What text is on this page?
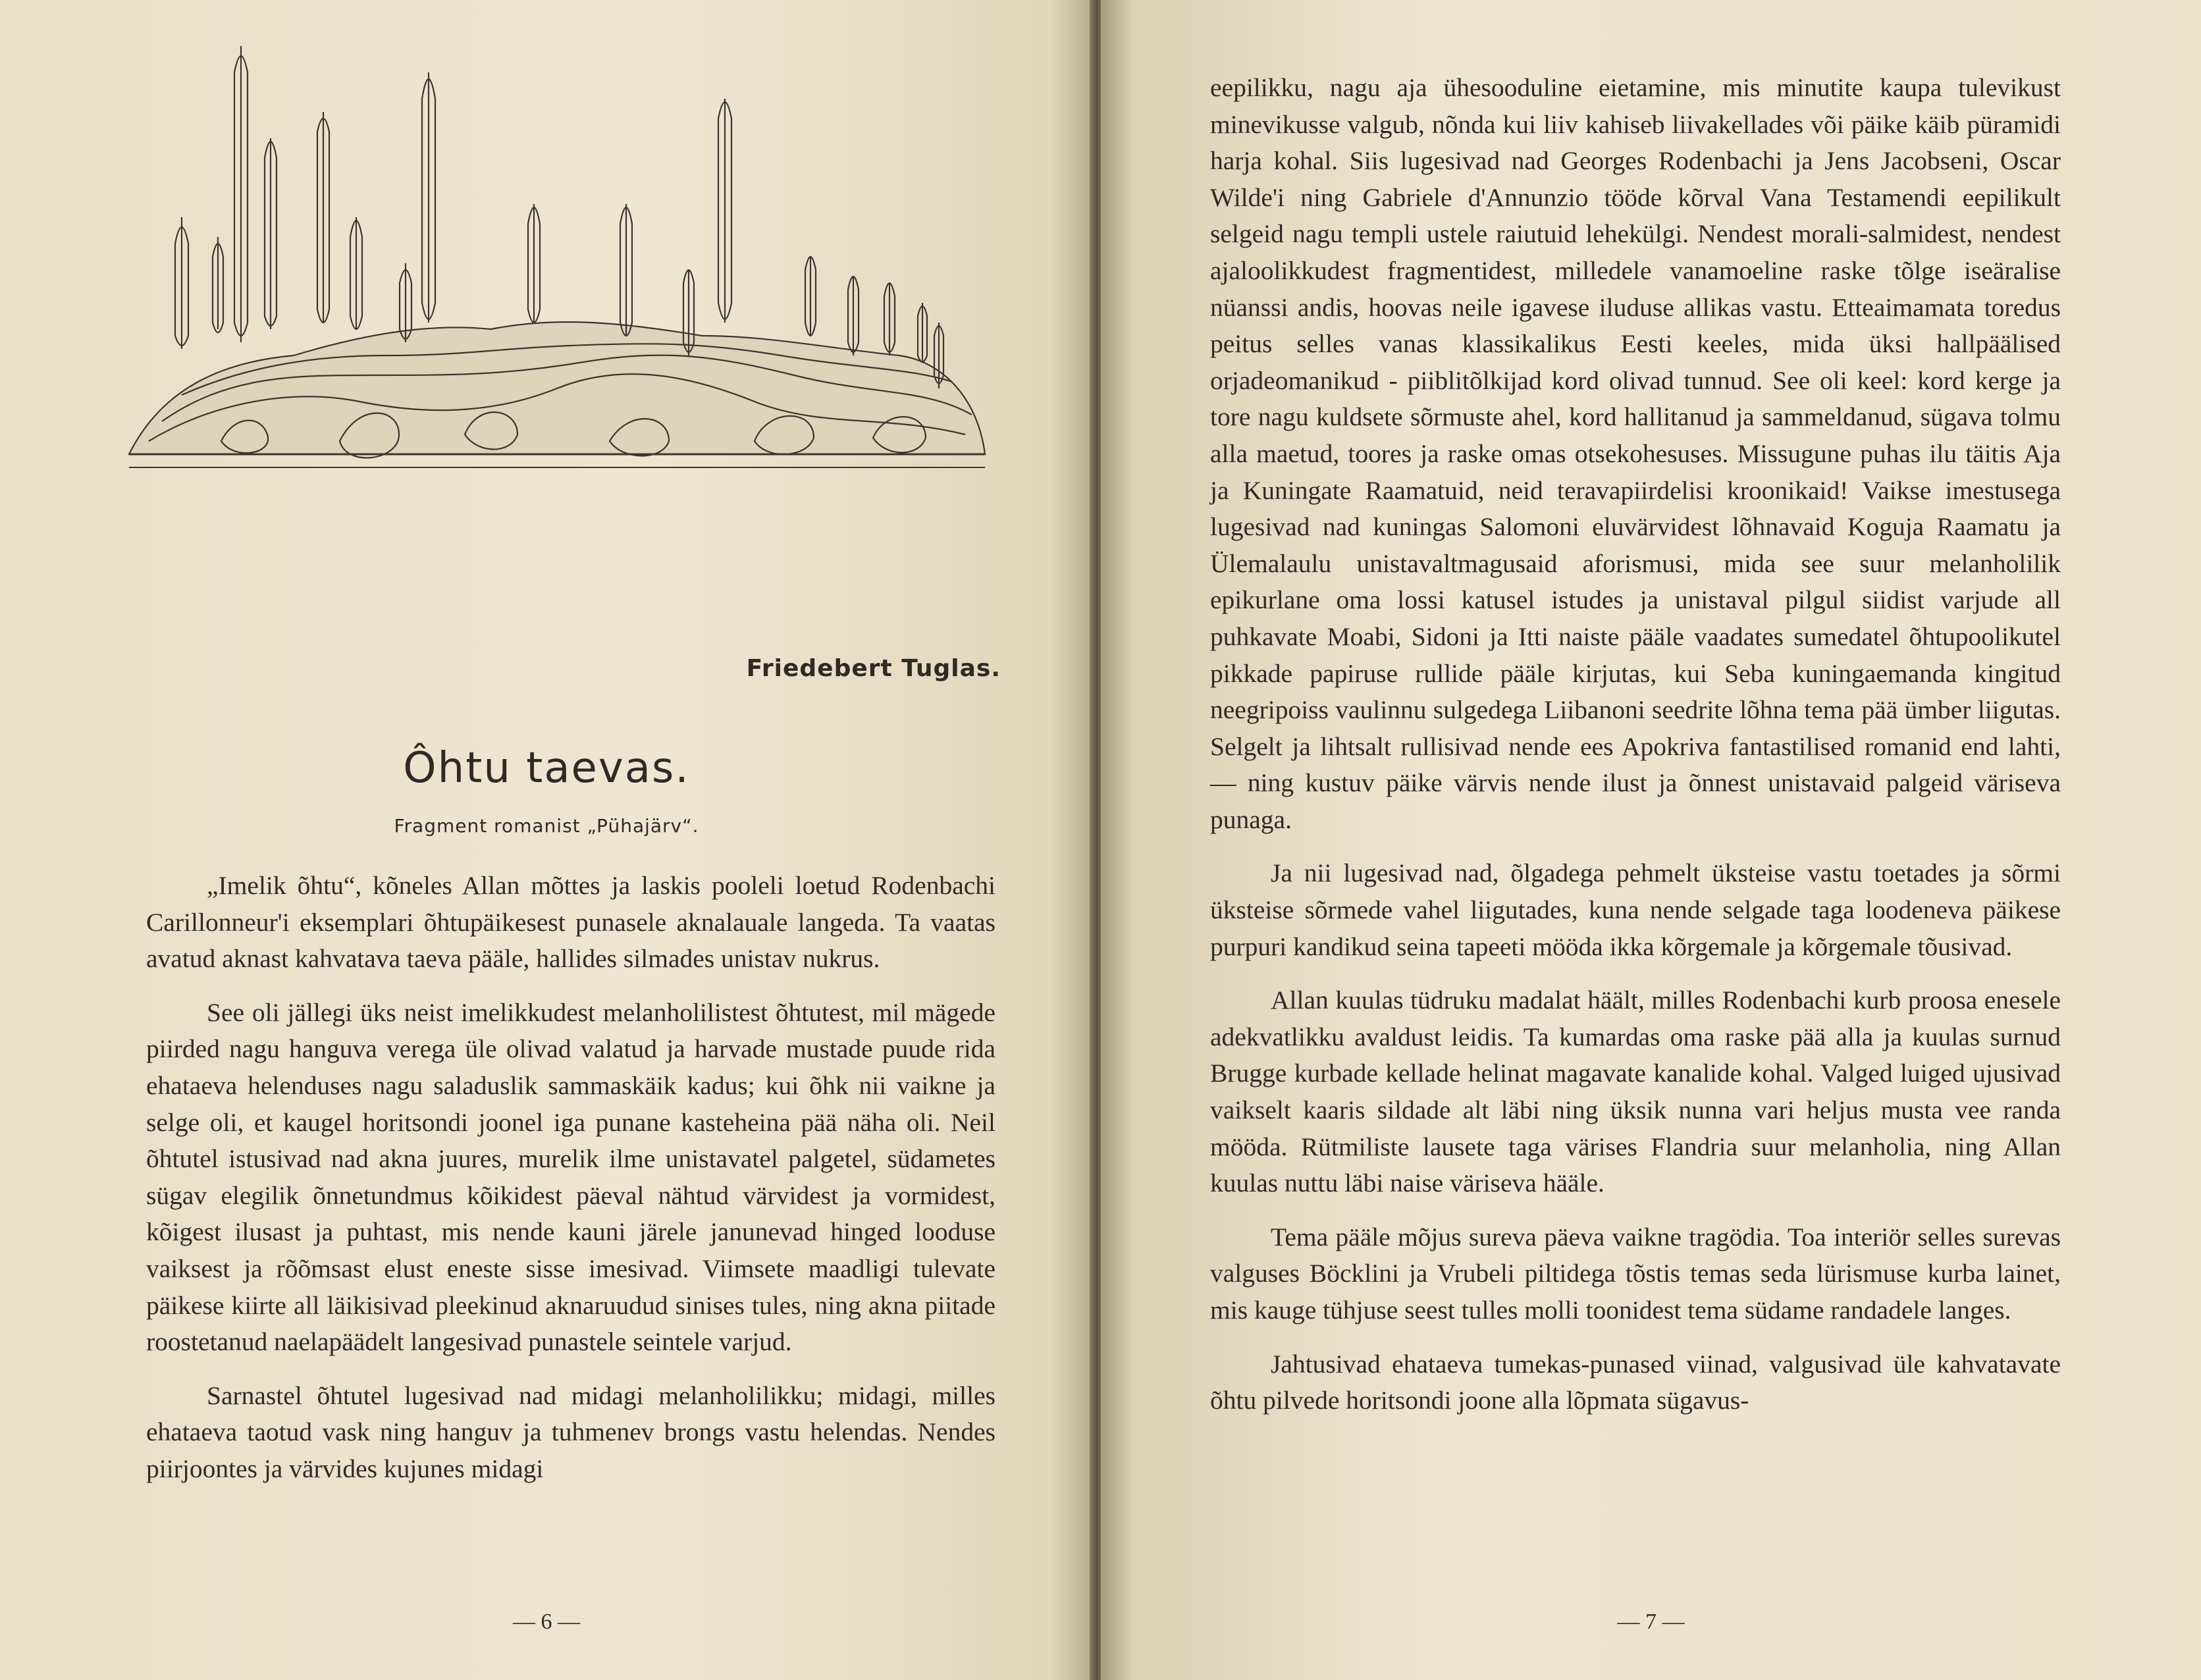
Friedebert Tuglas.
Ôhtu taevas.
Fragment romanist „Pühajärv“.

„Imelik õhtu“, kõneles Allan mõttes ja laskis pooleli loetud Rodenbachi Carillonneur'i eksemplari õhtupäikesest punasele aknalauale langeda. Ta vaatas avatud aknast kahvatava taeva pääle, hallides silmades unistav nukrus.

See oli jällegi üks neist imelikkudest melanholilistest õhtutest, mil mägede piirded nagu hanguva verega üle olivad valatud ja harvade mustade puude rida ehataeva helenduses nagu saladuslik sammaskäik kadus; kui õhk nii vaikne ja selge oli, et kaugel horitsondi joonel iga punane kasteheina pää näha oli. Neil õhtutel istusivad nad akna juures, murelik ilme unistavatel palgetel, südametes sügav elegilik õnnetundmus kõikidest päeval nähtud värvidest ja vormidest, kõigest ilusast ja puhtast, mis nende kauni järele janunevad hinged looduse vaiksest ja rõõmsast elust eneste sisse imesivad. Viimsete maadligi tulevate päikese kiirte all läikisivad pleekinud aknaruudud sinises tules, ning akna piitade roostetanud naelapäädelt langesivad punastele seintele varjud.

Sarnastel õhtutel lugesivad nad midagi melanholilikku; midagi, milles ehataeva taotud vask ning hanguv ja tuhmenev brongs vastu helendas. Nendes piirjoontes ja värvides kujunes midagi

— 6 —

eepilikku, nagu aja ühesooduline eietamine, mis minutite kaupa tulevikust minevikusse valgub, nõnda kui liiv kahiseb liivakellades või päike käib püramidi harja kohal. Siis lugesivad nad Georges Rodenbachi ja Jens Jacobseni, Oscar Wilde'i ning Gabriele d'Annunzio tööde kõrval Vana Testamendi eepilikult selgeid nagu templi ustele raiutuid lehekülgi. Nendest morali-salmidest, nendest ajaloolikkudest fragmentidest, milledele vanamoeline raske tõlge iseäralise nüanssi andis, hoovas neile igavese iluduse allikas vastu. Etteaimamata toredus peitus selles vanas klassikalikus Eesti keeles, mida üksi hallpäälised orjadeomanikud - piiblitõlkijad kord olivad tunnud. See oli keel: kord kerge ja tore nagu kuldsete sõrmuste ahel, kord hallitanud ja sammeldanud, sügava tolmu alla maetud, toores ja raske omas otsekohesuses. Missugune puhas ilu täitis Aja ja Kuningate Raamatuid, neid teravapiirdelisi kroonikaid! Vaikse imestusega lugesivad nad kuningas Salomoni eluvärvidest lõhnavaid Koguja Raamatu ja Ülemalaulu unistavaltmagusaid aforismusi, mida see suur melanholilik epikurlane oma lossi katusel istudes ja unistaval pilgul siidist varjude all puhkavate Moabi, Sidoni ja Itti naiste pääle vaadates sumedatel õhtupoolikutel pikkade papiruse rullide pääle kirjutas, kui Seba kuningaemanda kingitud neegripoiss vaulinnu sulgedega Liibanoni seedrite lõhna tema pää ümber liigutas. Selgelt ja lihtsalt rullisivad nende ees Apokriva fantastilised romanid end lahti, — ning kustuv päike värvis nende ilust ja õnnest unistavaid palgeid väriseva punaga.

Ja nii lugesivad nad, õlgadega pehmelt üksteise vastu toetades ja sõrmi üksteise sõrmede vahel liigutades, kuna nende selgade taga loodeneva päikese purpuri kandikud seina tapeeti mööda ikka kõrgemale ja kõrgemale tõusivad.

Allan kuulas tüdruku madalat häält, milles Rodenbachi kurb proosa enesele adekvatlikku avaldust leidis. Ta kumardas oma raske pää alla ja kuulas surnud Brugge kurbade kellade helinat magavate kanalide kohal. Valged luiged ujusivad vaikselt kaaris sildade alt läbi ning üksik nunna vari heljus musta vee randa mööda. Rütmiliste lausete taga värises Flandria suur melanholia, ning Allan kuulas nuttu läbi naise väriseva hääle.

Tema pääle mõjus sureva päeva vaikne tragödia. Toa interiör selles surevas valguses Böcklini ja Vrubeli piltidega tõstis temas seda lürismuse kurba lainet, mis kauge tühjuse seest tulles molli toonidest tema südame randadele langes.

Jahtusivad ehataeva tumekas-punased viinad, valgusivad üle kahvatavate õhtu pilvede horitsondi joone alla lõpmata sügavus-

— 7 —
